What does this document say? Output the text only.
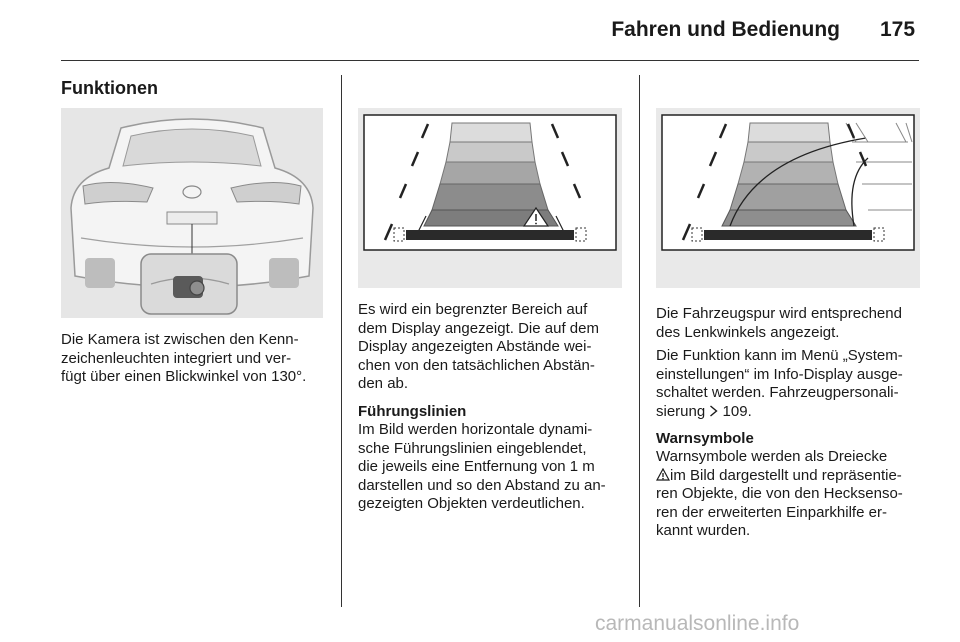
Fahren und Bedienung 175
Funktionen

Die Kamera ist zwischen den Kenn-
zeichenleuchten integriert und ver-
fügt über einen Blickwinkel von 130°.

Es wird ein begrenzter Bereich auf
dem Display angezeigt. Die auf dem
Display angezeigten Abstände wei-
chen von den tatsächlichen Abstän-
den ab.

Führungslinien

Im Bild werden horizontale dynami-
sche Führungslinien eingeblendet,
die jeweils eine Entfernung von 1 m
darstellen und so den Abstand zu an-
gezeigten Objekten verdeutlichen.

Die Fahrzeugspur wird entsprechend
des Lenkwinkels angezeigt.

Die Funktion kann im Menü „System-
einstellungen“ im Info-Display ausge-
schaltet werden. Fahrzeugpersonali-
sierung 109.

Warnsymbole

Warnsymbole werden als Dreiecke
im Bild dargestellt und repräsentie-
ren Objekte, die von den Hecksenso-
ren der erweiterten Einparkhilfe er-
kannt wurden.

carmanualsonline.info
